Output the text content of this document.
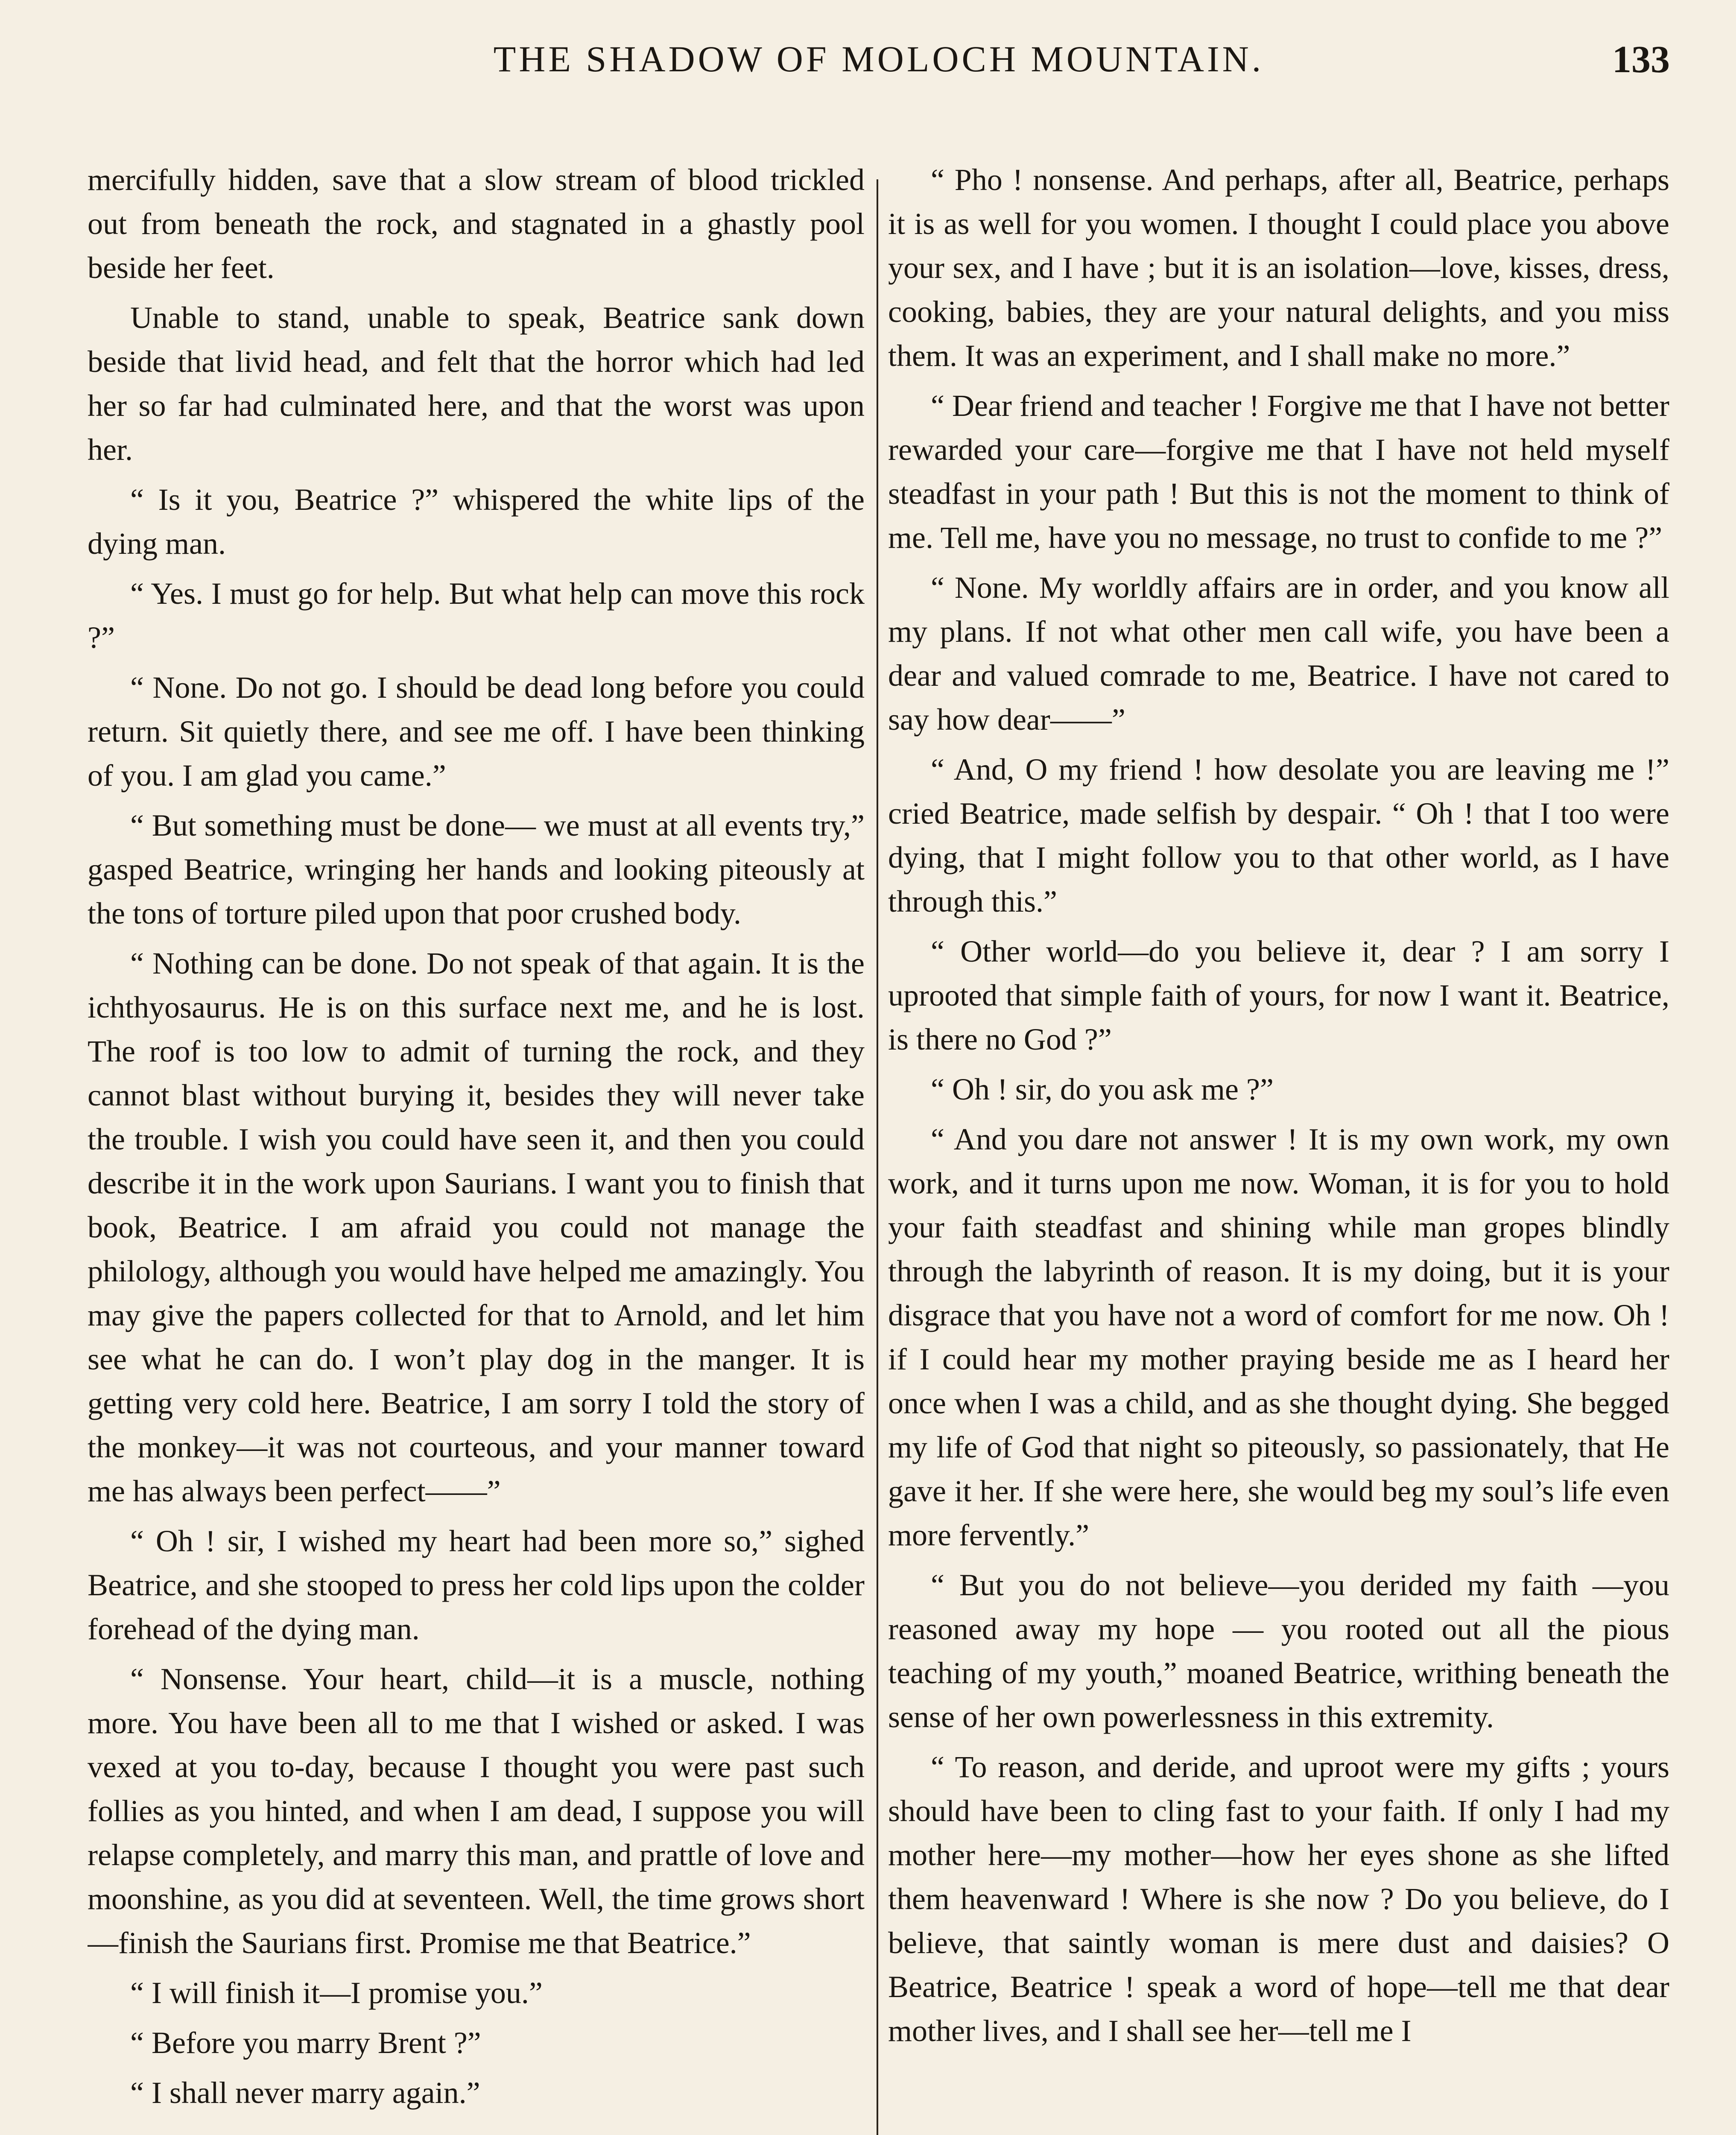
THE SHADOW OF MOLOCH MOUNTAIN.	133

mercifully hidden, save that a slow stream of blood trickled out from beneath the rock, and stagnated in a ghastly pool beside her feet.

Unable to stand, unable to speak, Beatrice sank down beside that livid head, and felt that the horror which had led her so far had culminated here, and that the worst was upon her.

“ Is it you, Beatrice ?” whispered the white lips of the dying man.

“ Yes. I must go for help. But what help can move this rock ?”

“ None. Do not go. I should be dead long before you could return. Sit quietly there, and see me off. I have been thinking of you. I am glad you came.”

“ But something must be done— we must at all events try,” gasped Beatrice, wringing her hands and looking piteously at the tons of torture piled upon that poor crushed body.

“ Nothing can be done. Do not speak of that again. It is the ichthyosaurus. He is on this surface next me, and he is lost. The roof is too low to admit of turning the rock, and they cannot blast without burying it, besides they will never take the trouble. I wish you could have seen it, and then you could describe it in the work upon Saurians. I want you to finish that book, Beatrice. I am afraid you could not manage the philology, although you would have helped me amazingly. You may give the papers collected for that to Arnold, and let him see what he can do. I won’t play dog in the manger. It is getting very cold here. Beatrice, I am sorry I told the story of the monkey—it was not courteous, and your manner toward me has always been perfect——”

“ Oh ! sir, I wished my heart had been more so,” sighed Beatrice, and she stooped to press her cold lips upon the colder forehead of the dying man.

“ Nonsense. Your heart, child—it is a muscle, nothing more. You have been all to me that I wished or asked. I was vexed at you to-day, because I thought you were past such follies as you hinted, and when I am dead, I suppose you will relapse completely, and marry this man, and prattle of love and moonshine, as you did at seventeen. Well, the time grows short—finish the Saurians first. Promise me that Beatrice.”

“ I will finish it—I promise you.”

“ Before you marry Brent ?”

“ I shall never marry again.”

“ Pho ! nonsense. And perhaps, after all, Beatrice, perhaps it is as well for you women. I thought I could place you above your sex, and I have ; but it is an isolation—love, kisses, dress, cooking, babies, they are your natural delights, and you miss them. It was an experiment, and I shall make no more.”

“ Dear friend and teacher ! Forgive me that I have not better rewarded your care—forgive me that I have not held myself steadfast in your path ! But this is not the moment to think of me. Tell me, have you no message, no trust to confide to me ?”

“ None. My worldly affairs are in order, and you know all my plans. If not what other men call wife, you have been a dear and valued comrade to me, Beatrice. I have not cared to say how dear——”

“ And, O my friend ! how desolate you are leaving me !” cried Beatrice, made selfish by despair. “ Oh ! that I too were dying, that I might follow you to that other world, as I have through this.”

“ Other world—do you believe it, dear ? I am sorry I uprooted that simple faith of yours, for now I want it. Beatrice, is there no God ?”

“ Oh ! sir, do you ask me ?”

“ And you dare not answer ! It is my own work, my own work, and it turns upon me now. Woman, it is for you to hold your faith steadfast and shining while man gropes blindly through the labyrinth of reason. It is my doing, but it is your disgrace that you have not a word of comfort for me now. Oh ! if I could hear my mother praying beside me as I heard her once when I was a child, and as she thought dying. She begged my life of God that night so piteously, so passionately, that He gave it her. If she were here, she would beg my soul’s life even more fervently.”

“ But you do not believe—you derided my faith —you reasoned away my hope — you rooted out all the pious teaching of my youth,” moaned Beatrice, writhing beneath the sense of her own powerlessness in this extremity.

“ To reason, and deride, and uproot were my gifts ; yours should have been to cling fast to your faith. If only I had my mother here—my mother—how her eyes shone as she lifted them heavenward ! Where is she now ? Do you believe, do I believe, that saintly woman is mere dust and daisies? O Beatrice, Beatrice ! speak a word of hope—tell me that dear mother lives, and I shall see her—tell me I
